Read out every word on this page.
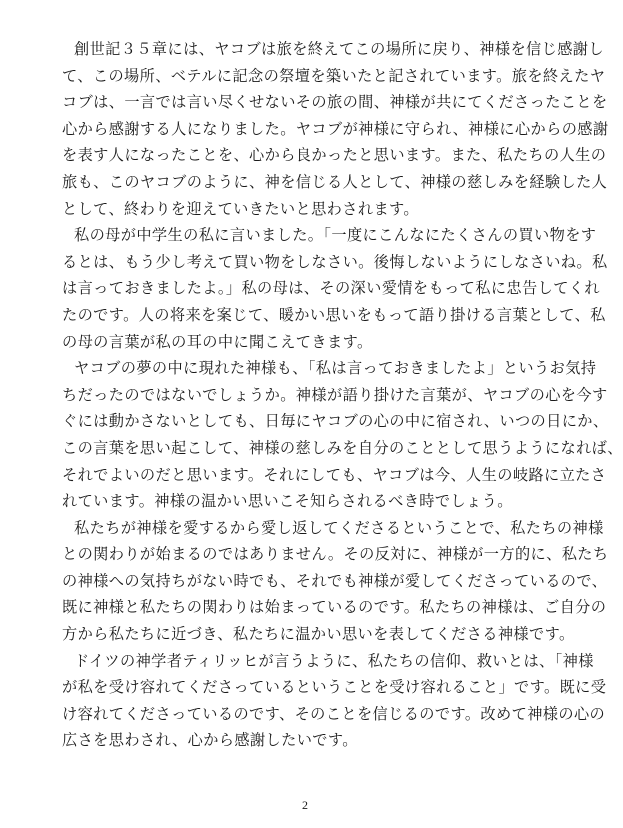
創世記３５章には、ヤコブは旅を終えてこの場所に戻り、神様を信じ感謝し
て、この場所、ベテルに記念の祭壇を築いたと記されています。旅を終えたヤ
コブは、一言では言い尽くせないその旅の間、神様が共にてくださったことを
心から感謝する人になりました。ヤコブが神様に守られ、神様に心からの感謝
を表す人になったことを、心から良かったと思います。また、私たちの人生の
旅も、このヤコブのように、神を信じる人として、神様の慈しみを経験した人
として、終わりを迎えていきたいと思わされます。
私の母が中学生の私に言いました。「一度にこんなにたくさんの買い物をす
るとは、もう少し考えて買い物をしなさい。後悔しないようにしなさいね。私
は言っておきましたよ。」私の母は、その深い愛情をもって私に忠告してくれ
たのです。人の将来を案じて、暖かい思いをもって語り掛ける言葉として、私
の母の言葉が私の耳の中に聞こえてきます。
ヤコブの夢の中に現れた神様も、「私は言っておきましたよ」というお気持
ちだったのではないでしょうか。神様が語り掛けた言葉が、ヤコブの心を今す
ぐには動かさないとしても、日毎にヤコブの心の中に宿され、いつの日にか、
この言葉を思い起こして、神様の慈しみを自分のこととして思うようになれば、
それでよいのだと思います。それにしても、ヤコブは今、人生の岐路に立たさ
れています。神様の温かい思いこそ知らされるべき時でしょう。
私たちが神様を愛するから愛し返してくださるということで、私たちの神様
との関わりが始まるのではありません。その反対に、神様が一方的に、私たち
の神様への気持ちがない時でも、それでも神様が愛してくださっているので、
既に神様と私たちの関わりは始まっているのです。私たちの神様は、ご自分の
方から私たちに近づき、私たちに温かい思いを表してくださる神様です。
ドイツの神学者ティリッヒが言うように、私たちの信仰、救いとは、「神様
が私を受け容れてくださっているということを受け容れること」です。既に受
け容れてくださっているのです、そのことを信じるのです。改めて神様の心の
広さを思わされ、心から感謝したいです。
2
